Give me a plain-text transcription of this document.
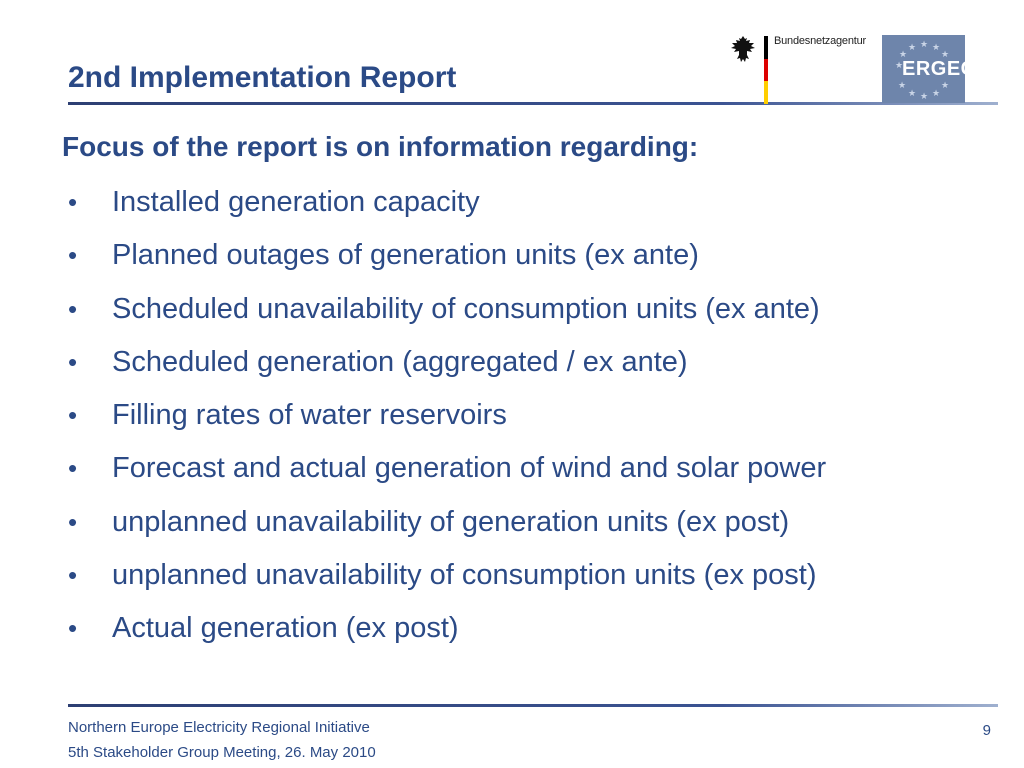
2nd Implementation Report
Bundesnetzagentur	★ ★
★
★
★
★
★
★ ★ ★
★
ERGEG
Focus of the report is on information regarding:
• Installed generation capacity
• Planned outages of generation units (ex ante)
• Scheduled unavailability of consumption units (ex ante)
• Scheduled generation (aggregated / ex ante)
• Filling rates of water reservoirs
• Forecast and actual generation of wind and solar power
• unplanned unavailability of generation units (ex post)
• unplanned unavailability of consumption units (ex post)
• Actual generation (ex post)
Northern Europe Electricity Regional Initiative
5th Stakeholder Group Meeting, 26. May 2010
9
